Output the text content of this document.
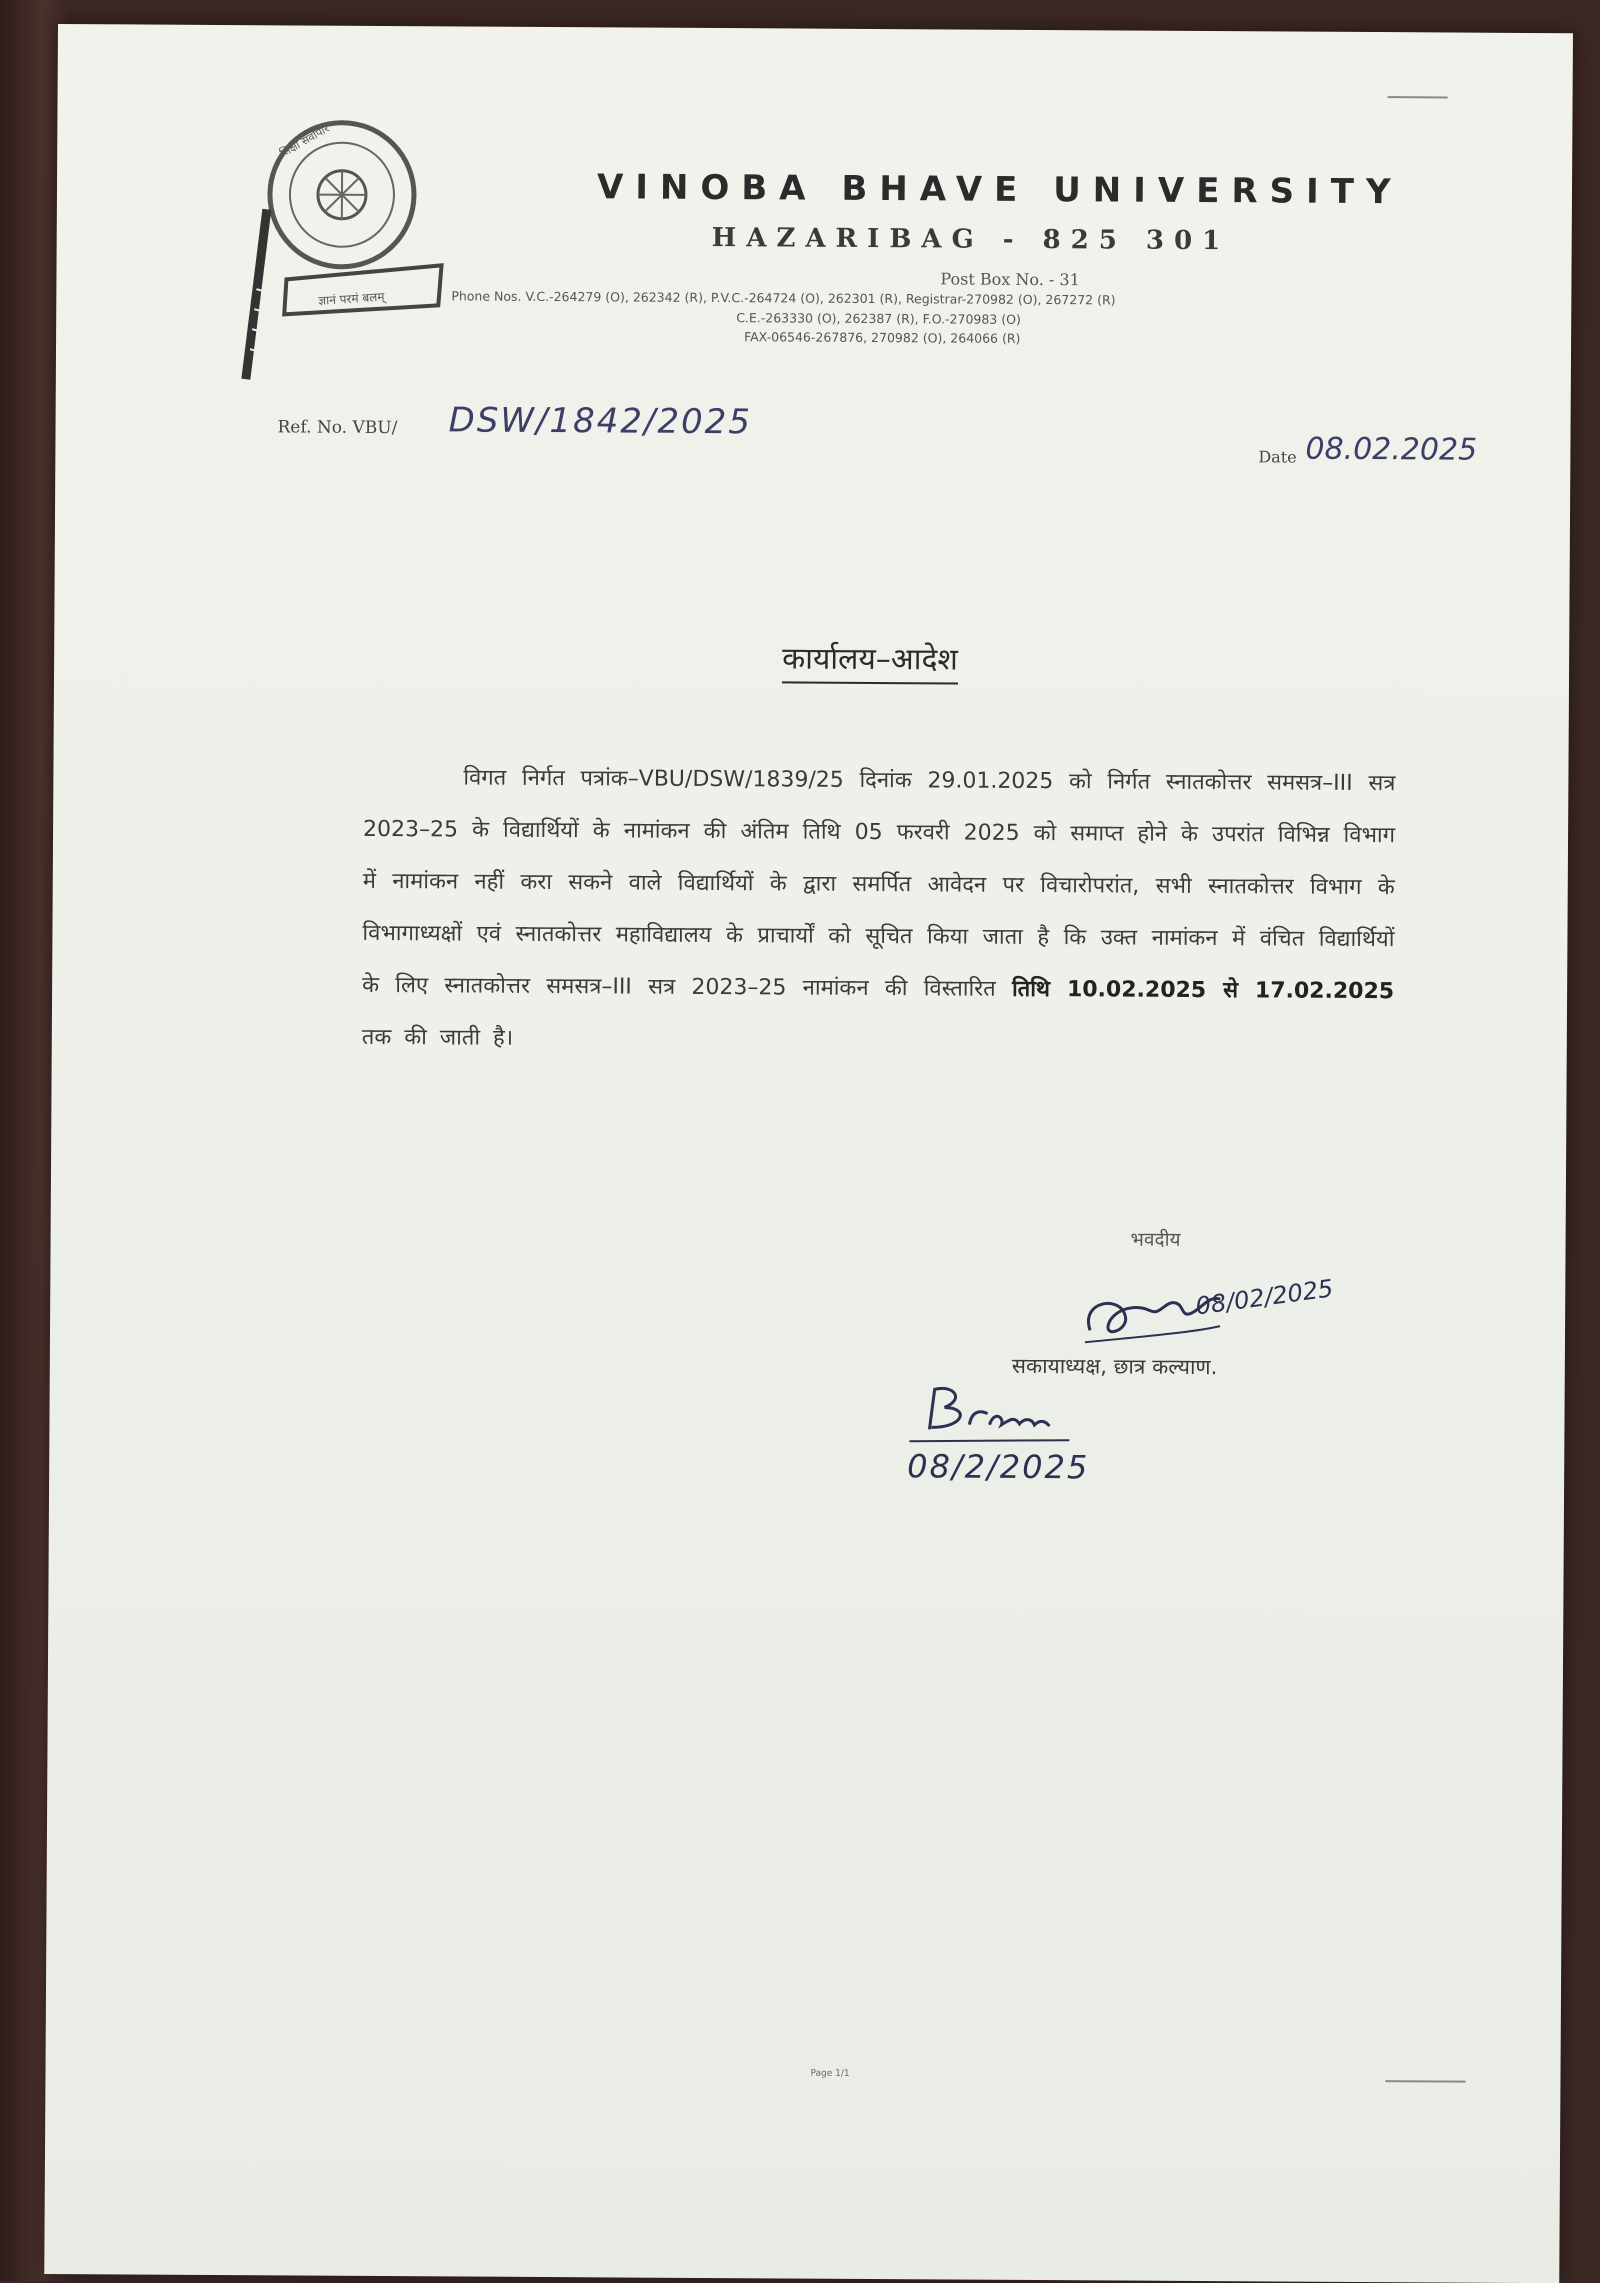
शिक्षा सर्वोपरि
ज्ञानं परमं बलम्
VINOBA BHAVE UNIVERSITY
HAZARIBAG - 825 301
Post Box No. - 31
Phone Nos. V.C.-264279 (O), 262342 (R), P.V.C.-264724 (O), 262301 (R), Registrar-270982 (O), 267272 (R)
C.E.-263330 (O), 262387 (R), F.O.-270983 (O)
FAX-06546-267876, 270982 (O), 264066 (R)
Ref. No. VBU/ DSW/1842/2025
Date 08.02.2025
कार्यालय–आदेश
विगत निर्गत पत्रांक–VBU/DSW/1839/25 दिनांक 29.01.2025 को निर्गत स्नातकोत्तर समसत्र–III सत्र 2023–25 के विद्यार्थियों के नामांकन की अंतिम तिथि 05 फरवरी 2025 को समाप्त होने के उपरांत विभिन्न विभाग में नामांकन नहीं करा सकने वाले विद्यार्थियों के द्वारा समर्पित आवेदन पर विचारोपरांत, सभी स्नातकोत्तर विभाग के विभागाध्यक्षों एवं स्नातकोत्तर महाविद्यालय के प्राचार्यों को सूचित किया जाता है कि उक्त नामांकन में वंचित विद्यार्थियों के लिए स्नातकोत्तर समसत्र–III सत्र 2023–25 नामांकन की विस्तारित तिथि 10.02.2025 से 17.02.2025 तक की जाती है।
भवदीय
08/02/2025
सकायाध्यक्ष, छात्र कल्याण.
08/2/2025
Page 1/1
